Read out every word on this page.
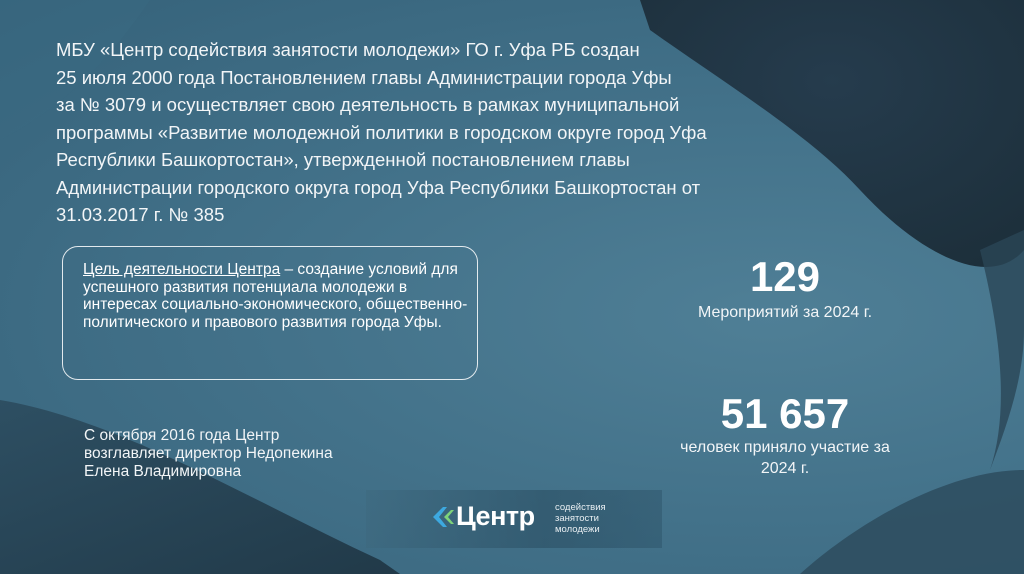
МБУ «Центр содействия занятости молодежи» ГО г. Уфа РБ создан
25 июля 2000 года Постановлением главы Администрации города Уфы
за № 3079 и осуществляет свою деятельность в рамках муниципальной
программы «Развитие молодежной политики в городском округе город Уфа
Республики Башкортостан», утвержденной постановлением главы
Администрации городского округа город Уфа Республики Башкортостан от
31.03.2017 г. № 385
Цель деятельности Центра – создание условий для успешного развития потенциала молодежи в интересах социально-экономического, общественно-политического и правового развития города Уфы.
С октября 2016 года Центр
возглавляет директор Недопекина
Елена Владимировна
129
Мероприятий за 2024 г.
51 657
человек приняло участие за
2024 г.
Центр содействия
занятости
молодежи
